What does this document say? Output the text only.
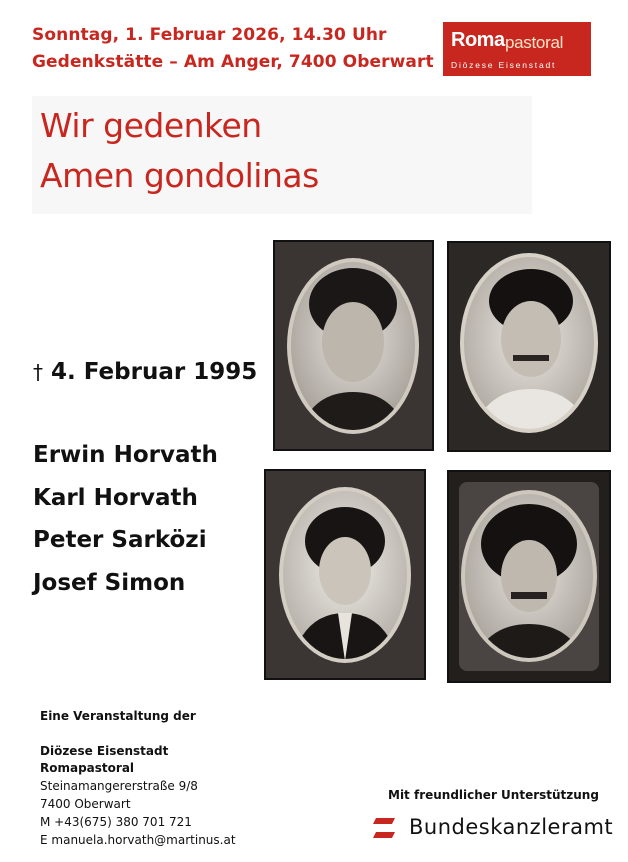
Sonntag, 1. Februar 2026, 14.30 Uhr
Gedenkstätte – Am Anger, 7400 Oberwart
Roma pastoral
Diözese Eisenstadt
Wir gedenken
Amen gondolinas
† 4. Februar 1995
Erwin Horvath
Karl Horvath
Peter Sarközi
Josef Simon
Eine Veranstaltung der
Diözese Eisenstadt
Romapastoral
Steinamangererstraße 9/8
7400 Oberwart
M +43(675) 380 701 721
E manuela.horvath@martinus.at
Mit freundlicher Unterstützung
Bundeskanzleramt
